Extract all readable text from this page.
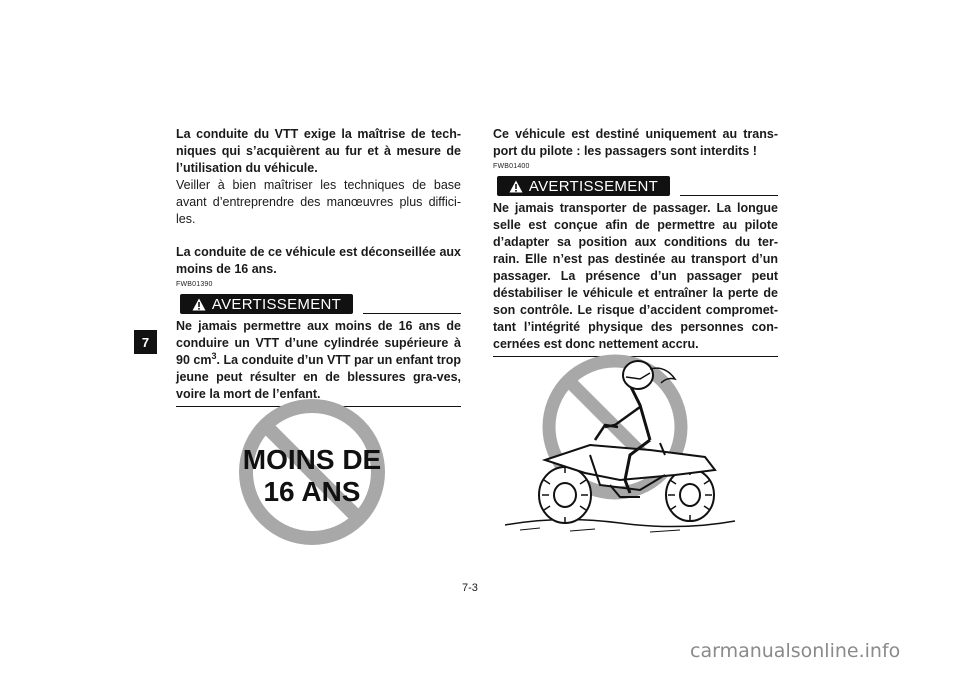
7

La conduite du VTT exige la maîtrise de tech-niques qui s’acquièrent au fur et à mesure de l’utilisation du véhicule.

Veiller à bien maîtriser les techniques de base avant d’entreprendre des manœuvres plus diffici-les.

La conduite de ce véhicule est déconseillée aux moins de 16 ans.

FWB01390
AVERTISSEMENT

Ne jamais permettre aux moins de 16 ans de conduire un VTT d’une cylindrée supérieure à 90 $cm^3$. La conduite d’un VTT par un enfant trop jeune peut résulter en de blessures gra-ves, voire la mort de l’enfant.

MOINS DE
16 ANS

Ce véhicule est destiné uniquement au trans-port du pilote : les passagers sont interdits !

FWB01400
AVERTISSEMENT

Ne jamais transporter de passager. La longue selle est conçue afin de permettre au pilote d’adapter sa position aux conditions du ter-rain. Elle n’est pas destinée au transport d’un passager. La présence d’un passager peut déstabiliser le véhicule et entraîner la perte de son contrôle. Le risque d’accident compromet-tant l’intégrité physique des personnes con-cernées est donc nettement accru.

7-3
carmanualsonline.info
